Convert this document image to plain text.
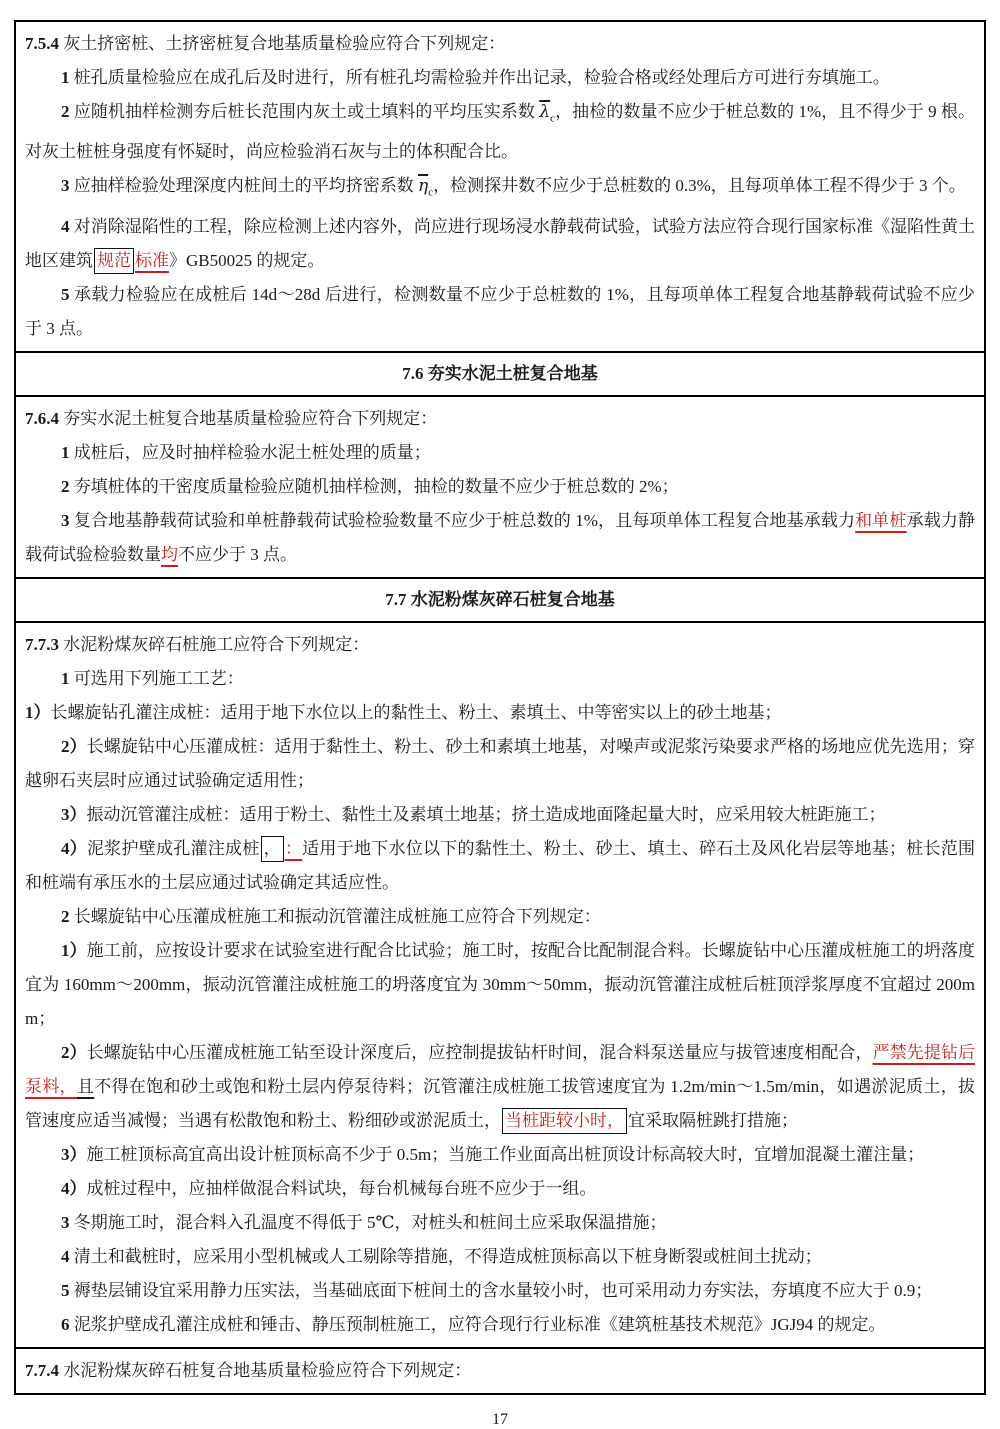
7.5.4 灰土挤密桩、土挤密桩复合地基质量检验应符合下列规定：

1 桩孔质量检验应在成孔后及时进行，所有桩孔均需检验并作出记录，检验合格或经处理后方可进行夯填施工。

2 应随机抽样检测夯后桩长范围内灰土或土填料的平均压实系数 $\overline{\lambda}_c$，抽检的数量不应少于桩总数的 1%，且不得少于 9 根。对灰土桩桩身强度有怀疑时，尚应检验消石灰与土的体积配合比。

3 应抽样检验处理深度内桩间土的平均挤密系数 $\overline{\eta}_c$，检测探井数不应少于总桩数的 0.3%，且每项单体工程不得少于 3 个。

4 对消除湿陷性的工程，除应检测上述内容外，尚应进行现场浸水静载荷试验，试验方法应符合现行国家标准《湿陷性黄土地区建筑 规范 标准》GB50025 的规定。

5 承载力检验应在成桩后 14d～28d 后进行，检测数量不应少于总桩数的 1%，且每项单体工程复合地基静载荷试验不应少于 3 点。

7.6 夯实水泥土桩复合地基

7.6.4 夯实水泥土桩复合地基质量检验应符合下列规定：

1 成桩后，应及时抽样检验水泥土桩处理的质量；

2 夯填桩体的干密度质量检验应随机抽样检测，抽检的数量不应少于桩总数的 2%；

3 复合地基静载荷试验和单桩静载荷试验检验数量不应少于桩总数的 1%，且每项单体工程复合地基承载力和单桩承载力静载荷试验检验数量均不应少于 3 点。

7.7 水泥粉煤灰碎石桩复合地基

7.7.3 水泥粉煤灰碎石桩施工应符合下列规定：

1 可选用下列施工工艺：

1）长螺旋钻孔灌注成桩：适用于地下水位以上的黏性土、粉土、素填土、中等密实以上的砂土地基；

2）长螺旋钻中心压灌成桩：适用于黏性土、粉土、砂土和素填土地基，对噪声或泥浆污染要求严格的场地应优先选用；穿越卵石夹层时应通过试验确定适用性；

3）振动沉管灌注成桩：适用于粉土、黏性土及素填土地基；挤土造成地面隆起量大时，应采用较大桩距施工；

4）泥浆护壁成孔灌注成桩 ， ：适用于地下水位以下的黏性土、粉土、砂土、填土、碎石土及风化岩层等地基；桩长范围和桩端有承压水的土层应通过试验确定其适应性。

2 长螺旋钻中心压灌成桩施工和振动沉管灌注成桩施工应符合下列规定：

1）施工前，应按设计要求在试验室进行配合比试验；施工时，按配合比配制混合料。长螺旋钻中心压灌成桩施工的坍落度宜为 160mm～200mm，振动沉管灌注成桩施工的坍落度宜为 30mm～50mm，振动沉管灌注成桩后桩顶浮浆厚度不宜超过 200mm；

2）长螺旋钻中心压灌成桩施工钻至设计深度后，应控制提拔钻杆时间，混合料泵送量应与拔管速度相配合，严禁先提钻后泵料，且不得在饱和砂土或饱和粉土层内停泵待料；沉管灌注成桩施工拔管速度宜为 1.2m/min～1.5m/min，如遇淤泥质土，拔管速度应适当减慢；当遇有松散饱和粉土、粉细砂或淤泥质土， 当桩距较小时， 宜采取隔桩跳打措施；

3）施工桩顶标高宜高出设计桩顶标高不少于 0.5m；当施工作业面高出桩顶设计标高较大时，宜增加混凝土灌注量；

4）成桩过程中，应抽样做混合料试块，每台机械每台班不应少于一组。

3 冬期施工时，混合料入孔温度不得低于 5℃，对桩头和桩间土应采取保温措施；

4 清土和截桩时，应采用小型机械或人工剔除等措施，不得造成桩顶标高以下桩身断裂或桩间土扰动；

5 褥垫层铺设宜采用静力压实法，当基础底面下桩间土的含水量较小时，也可采用动力夯实法，夯填度不应大于 0.9；

6 泥浆护壁成孔灌注成桩和锤击、静压预制桩施工，应符合现行行业标准《建筑桩基技术规范》JGJ94 的规定。

7.7.4 水泥粉煤灰碎石桩复合地基质量检验应符合下列规定：

17
